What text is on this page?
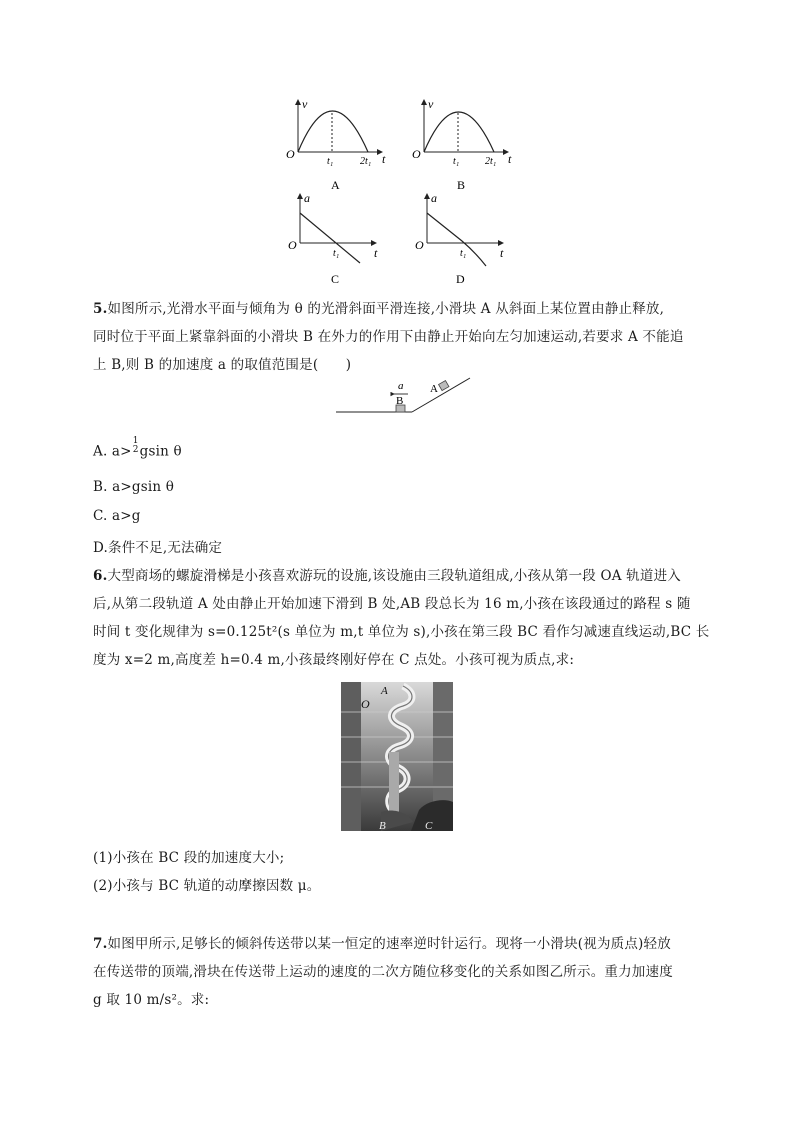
v
O	t
t₁	2t₁
A
v
O	t
t₁	2t₁
B
a
O
t
t₁
C
a
O
t
t₁
D
5.如图所示,光滑水平面与倾角为 θ 的光滑斜面平滑连接,小滑块 A 从斜面上某位置由静止释放,
同时位于平面上紧靠斜面的小滑块 B 在外力的作用下由静止开始向左匀加速运动,若要求 A 不能追
上 B,则 B 的加速度 a 的取值范围是(　　)
a
B
A
A. a>
1
2 gsin θ
B. a>gsin θ
C. a>g
D.条件不足,无法确定
6.大型商场的螺旋滑梯是小孩喜欢游玩的设施,该设施由三段轨道组成,小孩从第一段 OA 轨道进入
后,从第二段轨道 A 处由静止开始加速下滑到 B 处,AB 段总长为 16 m,小孩在该段通过的路程 s 随
时间 t 变化规律为 s=0.125t²(s 单位为 m,t 单位为 s),小孩在第三段 BC 看作匀减速直线运动,BC 长
度为 x=2 m,高度差 h=0.4 m,小孩最终刚好停在 C 点处。小孩可视为质点,求:
O
A
B	C
(1)小孩在 BC 段的加速度大小;
(2)小孩与 BC 轨道的动摩擦因数 μ。
7.如图甲所示,足够长的倾斜传送带以某一恒定的速率逆时针运行。现将一小滑块(视为质点)轻放
在传送带的顶端,滑块在传送带上运动的速度的二次方随位移变化的关系如图乙所示。重力加速度
g 取 10 m/s²。求:
